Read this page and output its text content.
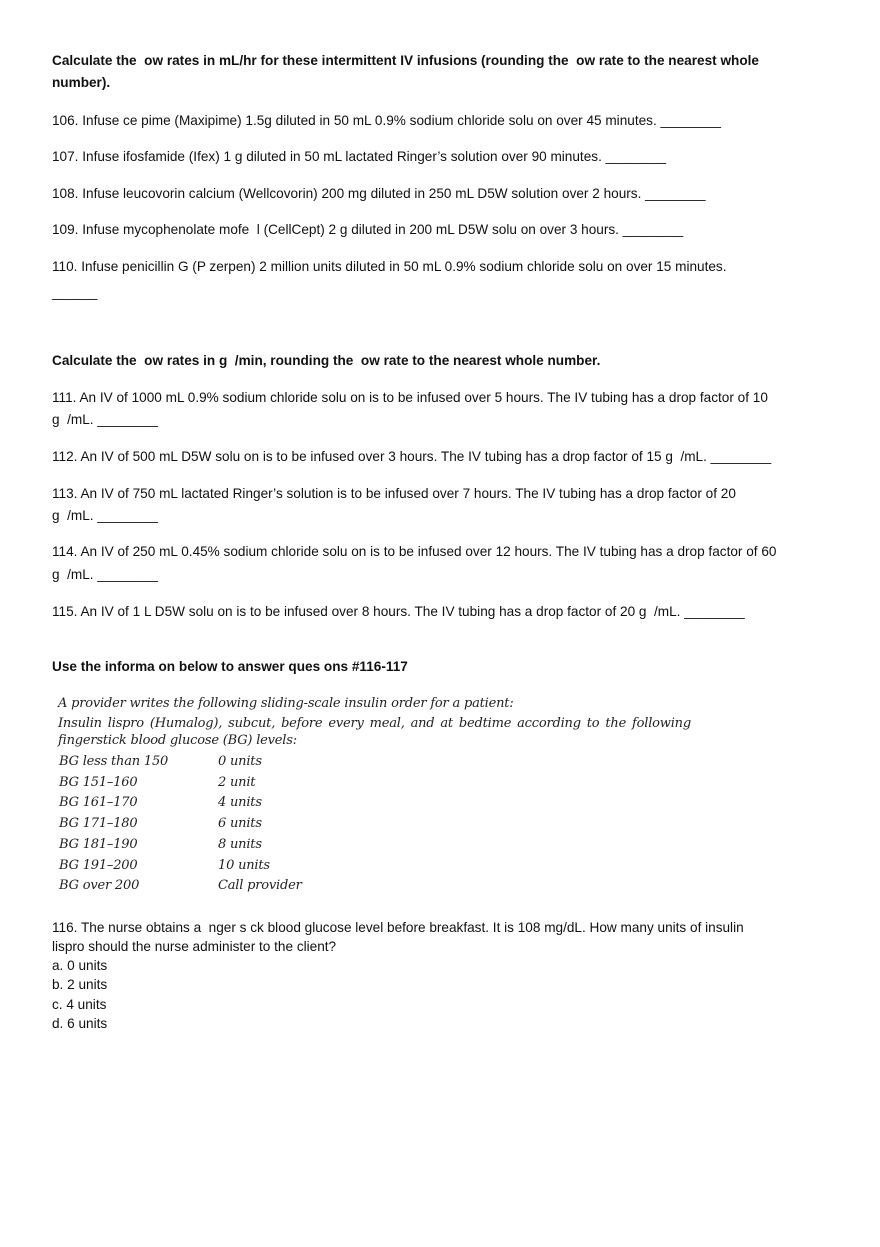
Calculate the  ow rates in mL/hr for these intermittent IV infusions (rounding the  ow rate to the nearest whole
number).
106. Infuse ce pime (Maxipime) 1.5g diluted in 50 mL 0.9% sodium chloride solu on over 45 minutes. ________
107. Infuse ifosfamide (Ifex) 1 g diluted in 50 mL lactated Ringer’s solution over 90 minutes. ________
108. Infuse leucovorin calcium (Wellcovorin) 200 mg diluted in 250 mL D5W solution over 2 hours. ________
109. Infuse mycophenolate mofe  l (CellCept) 2 g diluted in 200 mL D5W solu on over 3 hours. ________
110. Infuse penicillin G (P zerpen) 2 million units diluted in 50 mL 0.9% sodium chloride solu on over 15 minutes.
______
Calculate the  ow rates in g  /min, rounding the  ow rate to the nearest whole number.
111. An IV of 1000 mL 0.9% sodium chloride solu on is to be infused over 5 hours. The IV tubing has a drop factor of 10
g  /mL. ________
112. An IV of 500 mL D5W solu on is to be infused over 3 hours. The IV tubing has a drop factor of 15 g  /mL. ________
113. An IV of 750 mL lactated Ringer’s solution is to be infused over 7 hours. The IV tubing has a drop factor of 20
g  /mL. ________
114. An IV of 250 mL 0.45% sodium chloride solu on is to be infused over 12 hours. The IV tubing has a drop factor of 60
g  /mL. ________
115. An IV of 1 L D5W solu on is to be infused over 8 hours. The IV tubing has a drop factor of 20 g  /mL. ________
Use the informa on below to answer ques ons #116-117
A provider writes the following sliding-scale insulin order for a patient:
Insulin lispro (Humalog), subcut, before every meal, and at bedtime according to the following
fingerstick blood glucose (BG) levels:
BG less than 150	0 units
BG 151–160	2 unit
BG 161–170	4 units
BG 171–180	6 units
BG 181–190	8 units
BG 191–200	10 units
BG over 200	Call provider
116. The nurse obtains a  nger s ck blood glucose level before breakfast. It is 108 mg/dL. How many units of insulin
lispro should the nurse administer to the client?
a. 0 units
b. 2 units
c. 4 units
d. 6 units
